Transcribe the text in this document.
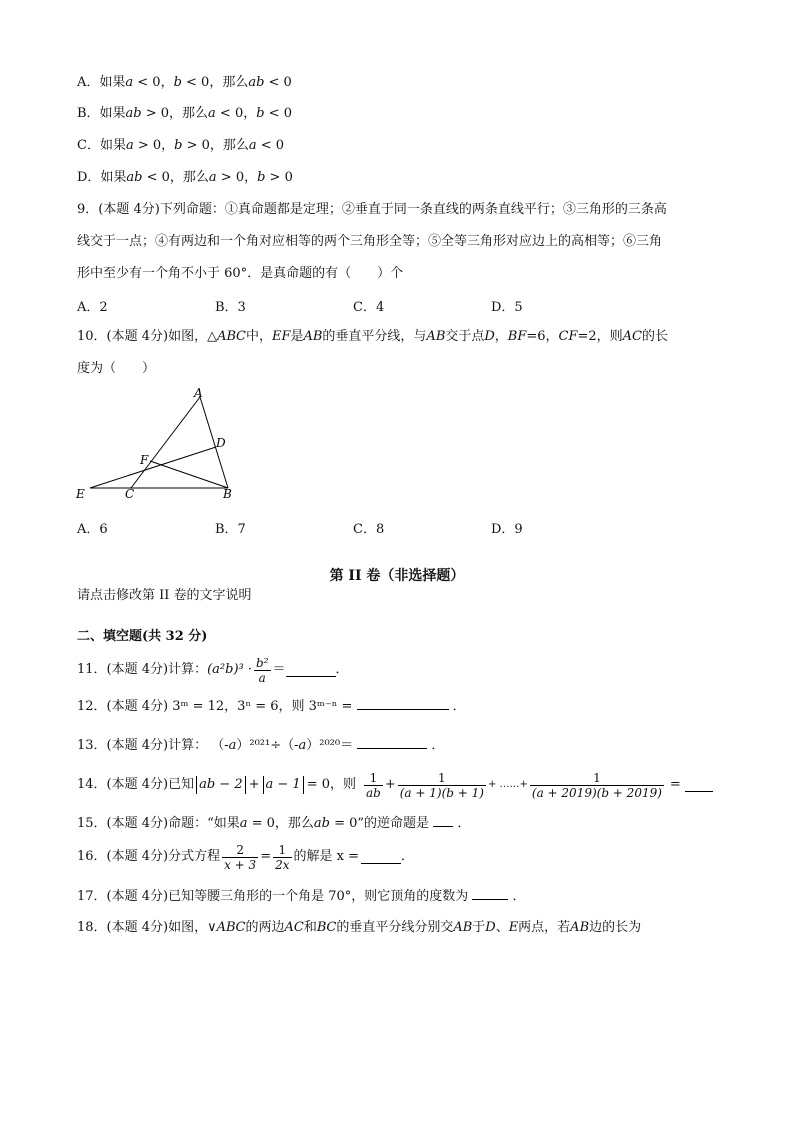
A．如果𝑎 < 0，𝑏 < 0，那么𝑎𝑏 < 0
B．如果𝑎𝑏 > 0，那么𝑎 < 0，𝑏 < 0
C．如果𝑎 > 0，𝑏 > 0，那么𝑎 < 0
D．如果𝑎𝑏 < 0，那么𝑎 > 0，𝑏 > 0
9．(本题 4分)下列命题：①真命题都是定理；②垂直于同一条直线的两条直线平行；③三角形的三条高
线交于一点；④有两边和一个角对应相等的两个三角形全等；⑤全等三角形对应边上的高相等；⑥三角
形中至少有一个角不小于 60°．是真命题的有（　　）个
A．2	B．3	C．4	D．5
10．(本题 4分)如图，△𝐴𝐵𝐶中，𝐸𝐹是𝐴𝐵的垂直平分线，与𝐴𝐵交于点𝐷，𝐵𝐹=6，𝐶𝐹=2，则𝐴𝐶的长
度为（　　）
A
D
F
E	C	B
A．6	B．7	C．8	D．9
第 II 卷（非选择题）
请点击修改第 II 卷的文字说明
二、填空题(共 32 分)
11．(本题 4分)计算： $(a^2b)^3 \cdot \frac{\text{b²}}{a}$ ＝	．
12．(本题 4分) 3ᵐ = 12，3ⁿ = 6，则 3ᵐ⁻ⁿ =	．
13．(本题 4分)计算： （-𝑎）²⁰²¹÷（-𝑎）²⁰²⁰＝	．
14．(本题 4分)已知 ab − 2 + a − 1 = 0，则 $\frac{1}{ab} + \frac{1}{(a + 1)(b + 1)}$ + ……+ $\frac{1}{(a + 2019)(b + 2019)}$ =
15．(本题 4分)命题：“如果𝑎 = 0，那么𝑎𝑏 = 0”的逆命题是 ．
16．(本题 4分)分式方程 $\frac{2}{x + 3} = \frac{1}{2x}$ 的解是 x =	．
17．(本题 4分)已知等腰三角形的一个角是 70°，则它顶角的度数为	．
18．(本题 4分)如图，∨𝐴𝐵𝐶的两边𝐴𝐶和𝐵𝐶的垂直平分线分别交𝐴𝐵于𝐷、𝐸两点，若𝐴𝐵边的长为
